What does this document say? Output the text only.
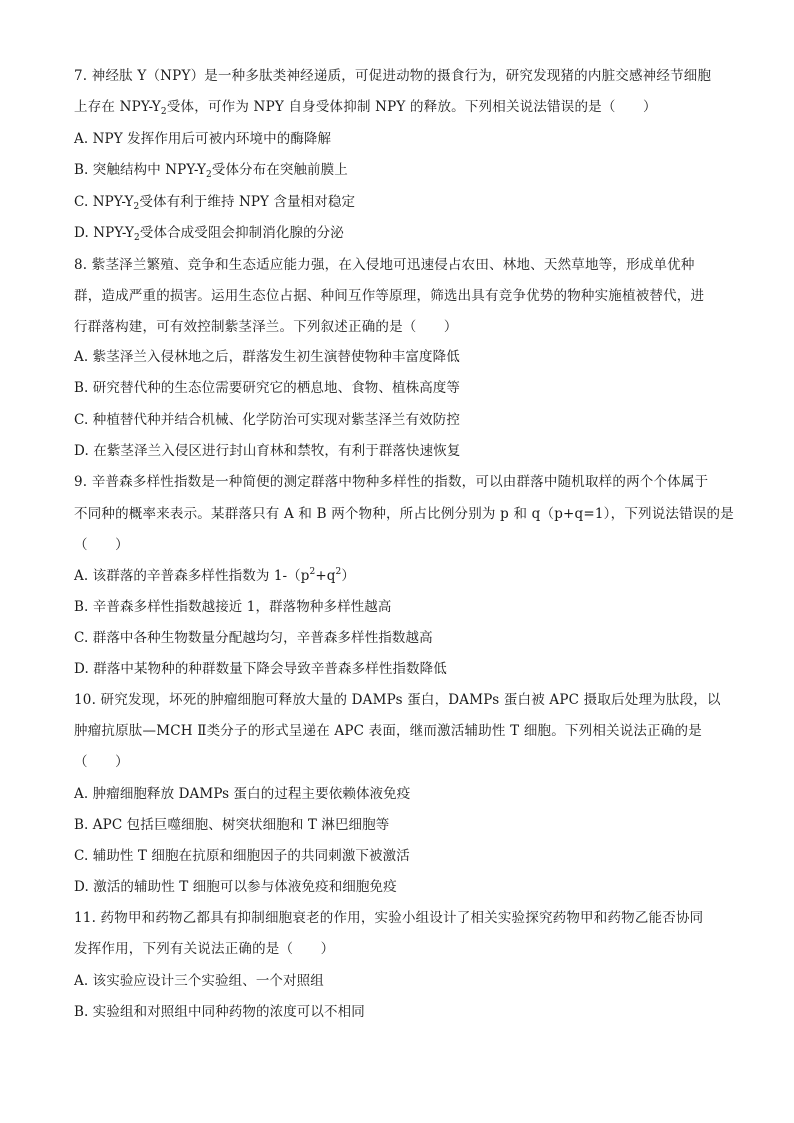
7. 神经肽 Y（NPY）是一种多肽类神经递质，可促进动物的摄食行为，研究发现猪的内脏交感神经节细胞
上存在 NPY-$Y_2$受体，可作为 NPY 自身受体抑制 NPY 的释放。下列相关说法错误的是（　　）
A. NPY 发挥作用后可被内环境中的酶降解
B. 突触结构中 NPY-$Y_2$受体分布在突触前膜上
C. NPY-$Y_2$受体有利于维持 NPY 含量相对稳定
D. NPY-$Y_2$受体合成受阻会抑制消化腺的分泌
8. 紫茎泽兰繁殖、竞争和生态适应能力强，在入侵地可迅速侵占农田、林地、天然草地等，形成单优种
群，造成严重的损害。运用生态位占据、种间互作等原理，筛选出具有竞争优势的物种实施植被替代，进
行群落构建，可有效控制紫茎泽兰。下列叙述正确的是（　　）
A. 紫茎泽兰入侵林地之后，群落发生初生演替使物种丰富度降低
B. 研究替代种的生态位需要研究它的栖息地、食物、植株高度等
C. 种植替代种并结合机械、化学防治可实现对紫茎泽兰有效防控
D. 在紫茎泽兰入侵区进行封山育林和禁牧，有利于群落快速恢复
9. 辛普森多样性指数是一种简便的测定群落中物种多样性的指数，可以由群落中随机取样的两个个体属于
不同种的概率来表示。某群落只有 A 和 B 两个物种，所占比例分别为 p 和 q（p+q=1），下列说法错误的是
（　　）
A. 该群落的辛普森多样性指数为 $1-(p^2+q^2)$
B. 辛普森多样性指数越接近 1，群落物种多样性越高
C. 群落中各种生物数量分配越均匀，辛普森多样性指数越高
D. 群落中某物种的种群数量下降会导致辛普森多样性指数降低
10. 研究发现，坏死的肿瘤细胞可释放大量的 DAMPs 蛋白，DAMPs 蛋白被 APC 摄取后处理为肽段，以
肿瘤抗原肽—MCH Ⅱ类分子的形式呈递在 APC 表面，继而激活辅助性 T 细胞。下列相关说法正确的是
（　　）
A. 肿瘤细胞释放 DAMPs 蛋白的过程主要依赖体液免疫
B. APC 包括巨噬细胞、树突状细胞和 T 淋巴细胞等
C. 辅助性 T 细胞在抗原和细胞因子的共同刺激下被激活
D. 激活的辅助性 T 细胞可以参与体液免疫和细胞免疫
11. 药物甲和药物乙都具有抑制细胞衰老的作用，实验小组设计了相关实验探究药物甲和药物乙能否协同
发挥作用，下列有关说法正确的是（　　）
A. 该实验应设计三个实验组、一个对照组
B. 实验组和对照组中同种药物的浓度可以不相同
